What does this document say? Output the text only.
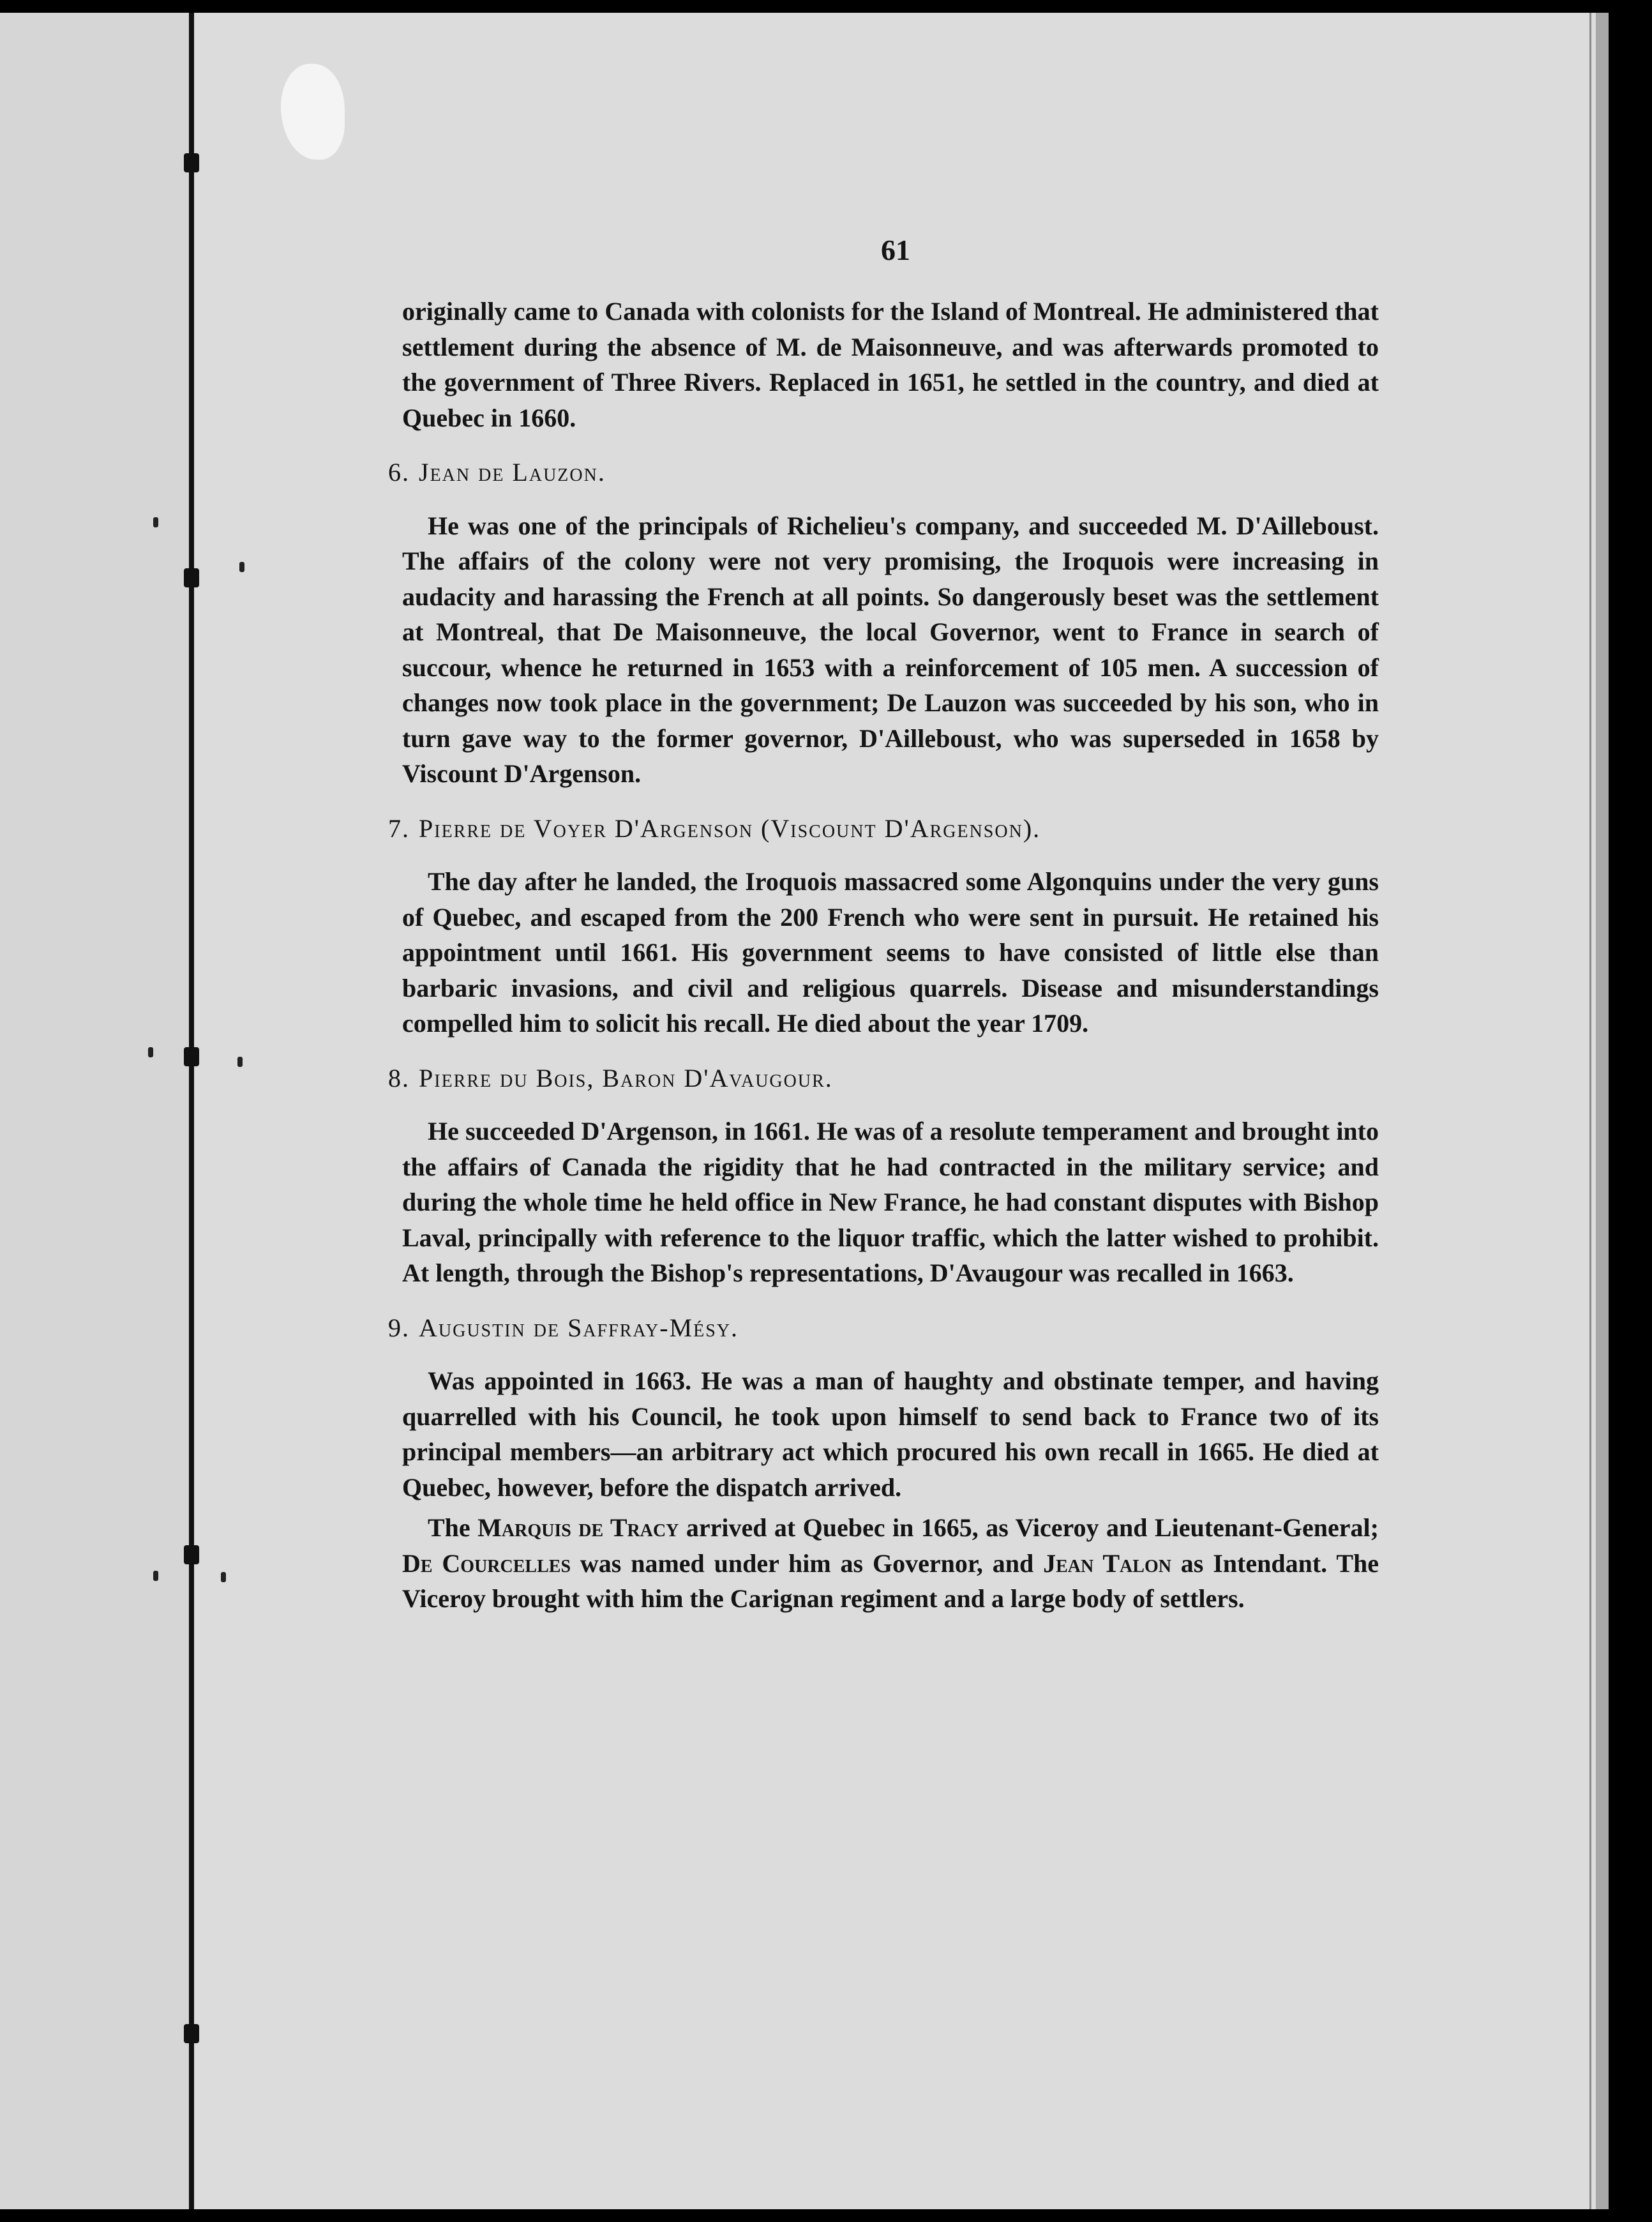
61

originally came to Canada with colonists for the Island of Montreal. He administered that settlement during the absence of M. de Maisonneuve, and was afterwards promoted to the government of Three Rivers. Replaced in 1651, he settled in the country, and died at Quebec in 1660.

6. Jean de Lauzon.

He was one of the principals of Richelieu's company, and succeeded M. D'Ailleboust. The affairs of the colony were not very promising, the Iroquois were increasing in audacity and harassing the French at all points. So dangerously beset was the settlement at Montreal, that De Maisonneuve, the local Governor, went to France in search of succour, whence he returned in 1653 with a reinforcement of 105 men. A succession of changes now took place in the government; De Lauzon was succeeded by his son, who in turn gave way to the former governor, D'Ailleboust, who was superseded in 1658 by Viscount D'Argenson.

7. Pierre de Voyer D'Argenson (Viscount D'Argenson).

The day after he landed, the Iroquois massacred some Algonquins under the very guns of Quebec, and escaped from the 200 French who were sent in pursuit. He retained his appointment until 1661. His government seems to have consisted of little else than barbaric invasions, and civil and religious quarrels. Disease and misunderstandings compelled him to solicit his recall. He died about the year 1709.

8. Pierre du Bois, Baron D'Avaugour.

He succeeded D'Argenson, in 1661. He was of a resolute temperament and brought into the affairs of Canada the rigidity that he had contracted in the military service; and during the whole time he held office in New France, he had constant disputes with Bishop Laval, principally with reference to the liquor traffic, which the latter wished to prohibit. At length, through the Bishop's representations, D'Avaugour was recalled in 1663.

9. Augustin de Saffray-Mésy.

Was appointed in 1663. He was a man of haughty and obstinate temper, and having quarrelled with his Council, he took upon himself to send back to France two of its principal members—an arbitrary act which procured his own recall in 1665. He died at Quebec, however, before the dispatch arrived.

The Marquis de Tracy arrived at Quebec in 1665, as Viceroy and Lieutenant-General; De Courcelles was named under him as Governor, and Jean Talon as Intendant. The Viceroy brought with him the Carignan regiment and a large body of settlers.
